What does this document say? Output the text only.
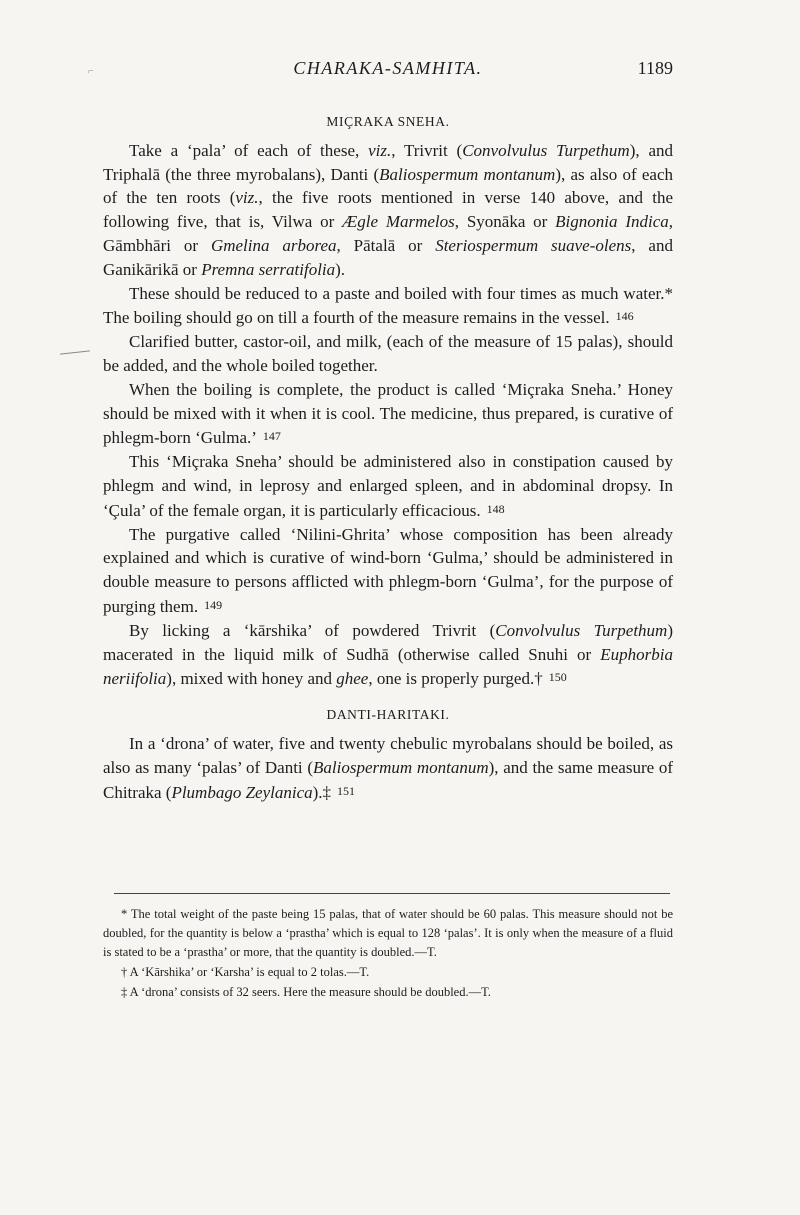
⌐	CHARAKA-SAMHITA.	1189
MIÇRAKA SNEHA.

Take a ‘pala’ of each of these, viz., Trivrit (Convolvulus Turpethum), and Triphalā (the three myrobalans), Danti (Baliospermum montanum), as also of each of the ten roots (viz., the five roots mentioned in verse 140 above, and the following five, that is, Vilwa or Ægle Marmelos, Syonāka or Bignonia Indica, Gāmbhāri or Gmelina arborea, Pātalā or Steriospermum suave-olens, and Ganikārikā or Premna serratifolia).

These should be reduced to a paste and boiled with four times as much water.* The boiling should go on till a fourth of the measure remains in the vessel. 146

Clarified butter, castor-oil, and milk, (each of the measure of 15 palas), should be added, and the whole boiled together.

When the boiling is complete, the product is called ‘Miçraka Sneha.’ Honey should be mixed with it when it is cool. The medicine, thus prepared, is curative of phlegm-born ‘Gulma.’ 147

This ‘Miçraka Sneha’ should be administered also in constipation caused by phlegm and wind, in leprosy and enlarged spleen, and in abdominal dropsy. In ‘Çula’ of the female organ, it is particularly efficacious. 148

The purgative called ‘Nilini-Ghrita’ whose composition has been already explained and which is curative of wind-born ‘Gulma,’ should be administered in double measure to persons afflicted with phlegm-born ‘Gulma’, for the purpose of purging them. 149

By licking a ‘kārshika’ of powdered Trivrit (Convolvulus Turpethum) macerated in the liquid milk of Sudhā (otherwise called Snuhi or Euphorbia neriifolia), mixed with honey and ghee, one is properly purged.† 150

DANTI-HARITAKI.

In a ‘drona’ of water, five and twenty chebulic myrobalans should be boiled, as also as many ‘palas’ of Danti (Baliospermum montanum), and the same measure of Chitraka (Plumbago Zeylanica).‡ 151

* The total weight of the paste being 15 palas, that of water should be 60 palas. This measure should not be doubled, for the quantity is below a ‘prastha’ which is equal to 128 ‘palas’. It is only when the measure of a fluid is stated to be a ‘prastha’ or more, that the quantity is doubled.—T.

† A ‘Kārshika’ or ‘Karsha’ is equal to 2 tolas.—T.

‡ A ‘drona’ consists of 32 seers. Here the measure should be doubled.—T.
